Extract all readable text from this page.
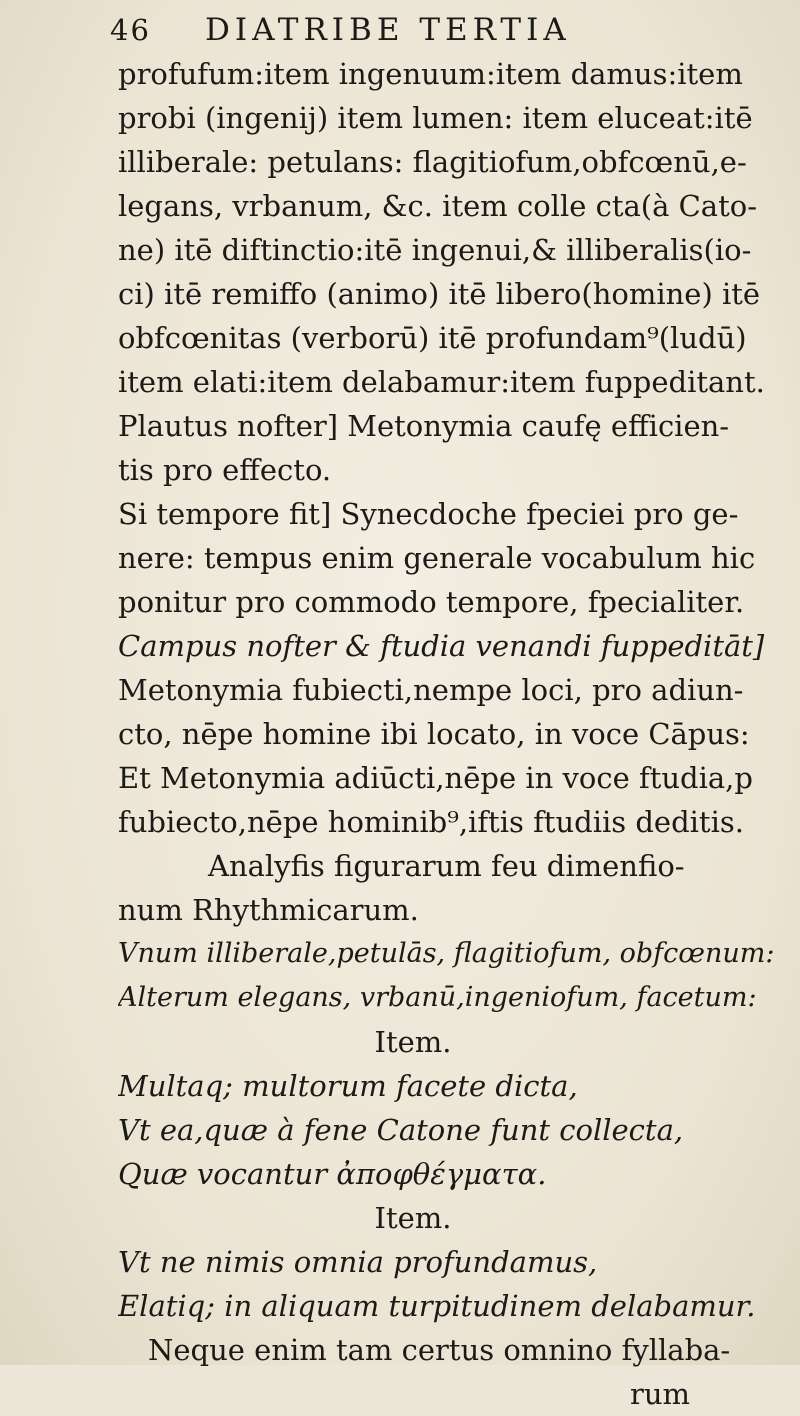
46 DIATRIBE TERTIA
profufum:item ingenuum:item damus:item
probi (ingenij) item lumen: item eluceat:itē
illiberale: petulans: flagitiofum,obfcœnū,e-
legans, vrbanum, &c. item colle cta(à Cato-
ne) itē diftinctio:itē ingenui,& illiberalis(io-
ci) itē remiffo (animo) itē libero(homine) itē
obfcœnitas (verborū) itē profundam⁹(ludū)
item elati:item delabamur:item fuppeditant.
Plautus nofter] Metonymia caufę efficien-
tis pro effecto.
Si tempore fit] Synecdoche fpeciei pro ge-
nere: tempus enim generale vocabulum hic
ponitur pro commodo tempore, fpecialiter.
Campus nofter & ftudia venandi fuppeditāt]
Metonymia fubiecti,nempe loci, pro adiun-
cto, nēpe homine ibi locato, in voce Cāpus:
Et Metonymia adiūcti,nēpe in voce ftudia,p
fubiecto,nēpe hominib⁹,iftis ftudiis deditis.
Analyfis figurarum feu dimenfio-
num Rhythmicarum.
Vnum illiberale,petulās, flagitiofum, obfcœnum:
Alterum elegans, vrbanū,ingeniofum, facetum:
Item.
Multaq; multorum facete dicta,
Vt ea,quæ à fene Catone funt collecta,
Quæ vocantur ἀποφθέγματα.
Item.
Vt ne nimis omnia profundamus,
Elatiq; in aliquam turpitudinem delabamur.
Neque enim tam certus omnino fyllaba-
rum
